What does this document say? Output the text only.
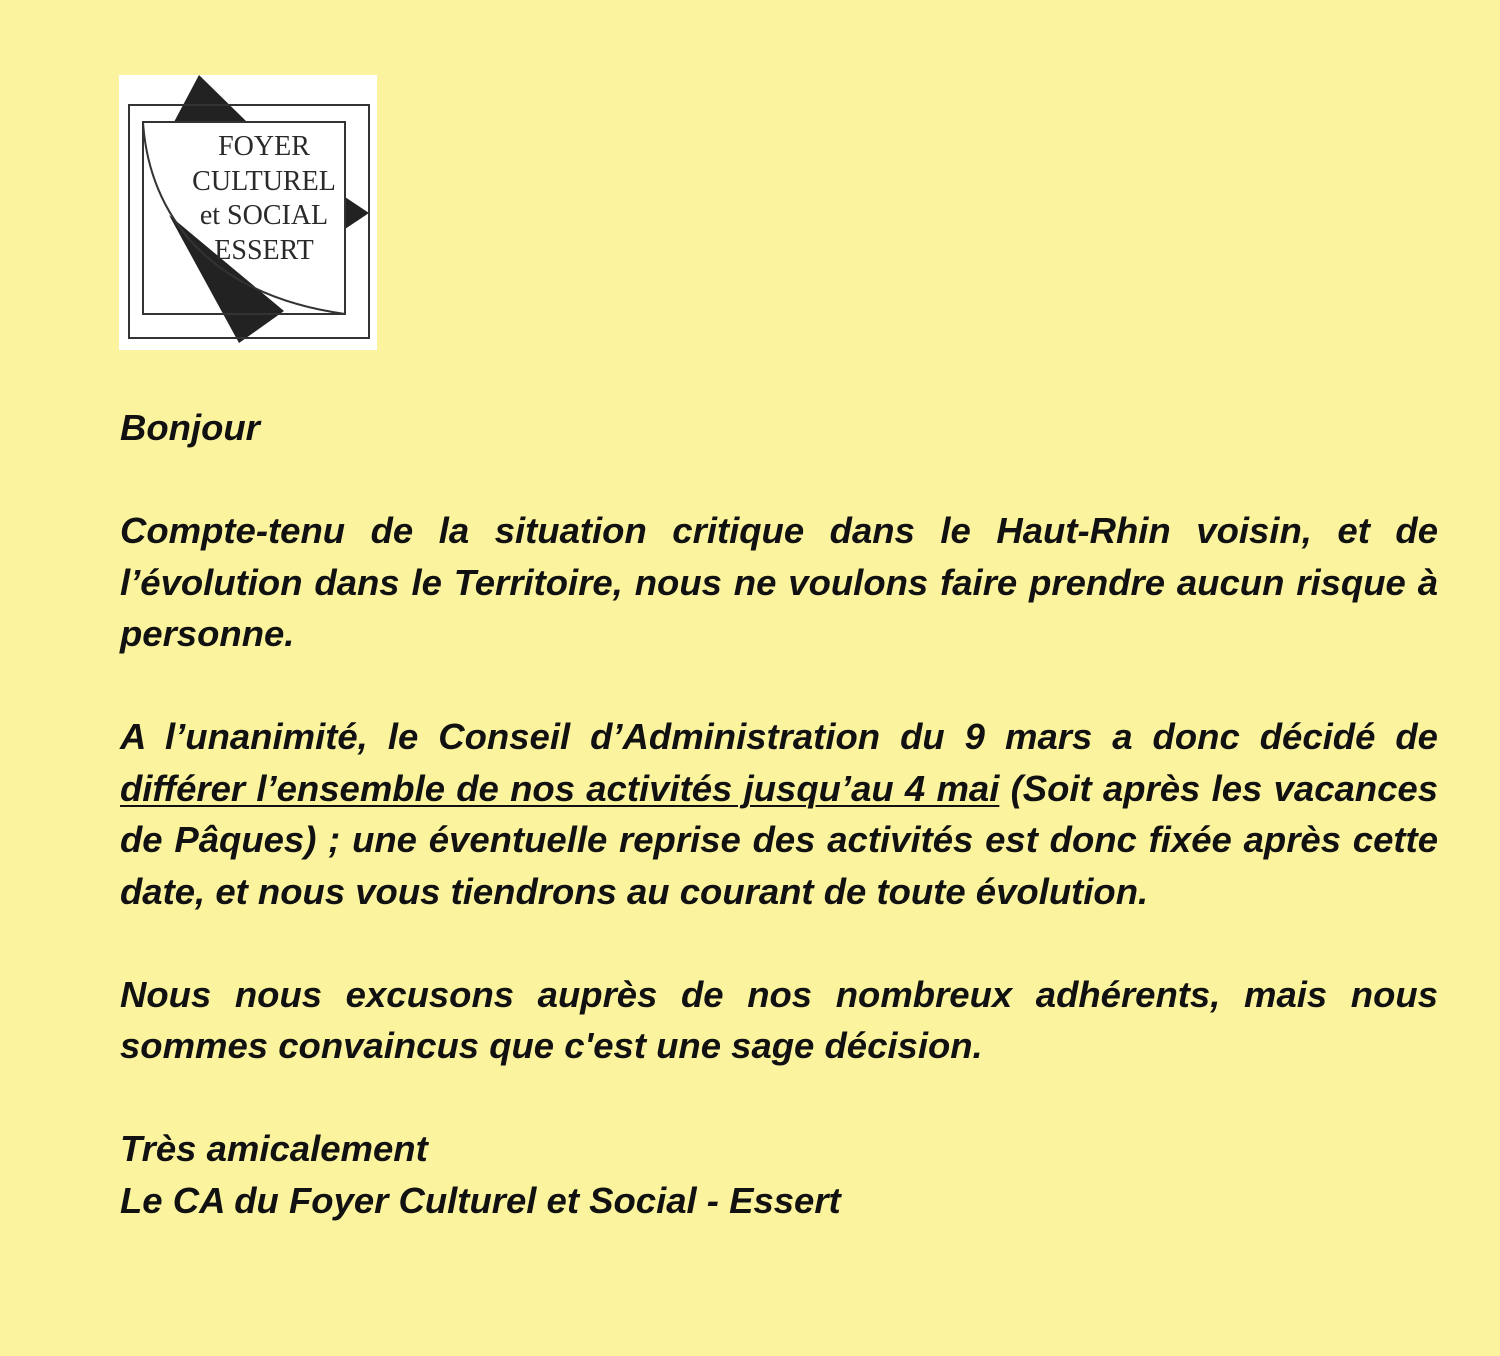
FOYER
CULTUREL
et SOCIAL
ESSERT

Bonjour

Compte-tenu de la situation critique dans le Haut-Rhin voisin, et de l’évolution dans le Territoire, nous ne voulons faire prendre aucun risque à personne.

A l’unanimité, le Conseil d’Administration du 9 mars a donc décidé de différer l’ensemble de nos activités jusqu’au 4 mai (Soit après les vacances de Pâques) ; une éventuelle reprise des activités est donc fixée après cette date, et nous vous tiendrons au courant de toute évolution.

Nous nous excusons auprès de nos nombreux adhérents, mais nous sommes convaincus que c'est une sage décision.

Très amicalement
Le CA du Foyer Culturel et Social - Essert
